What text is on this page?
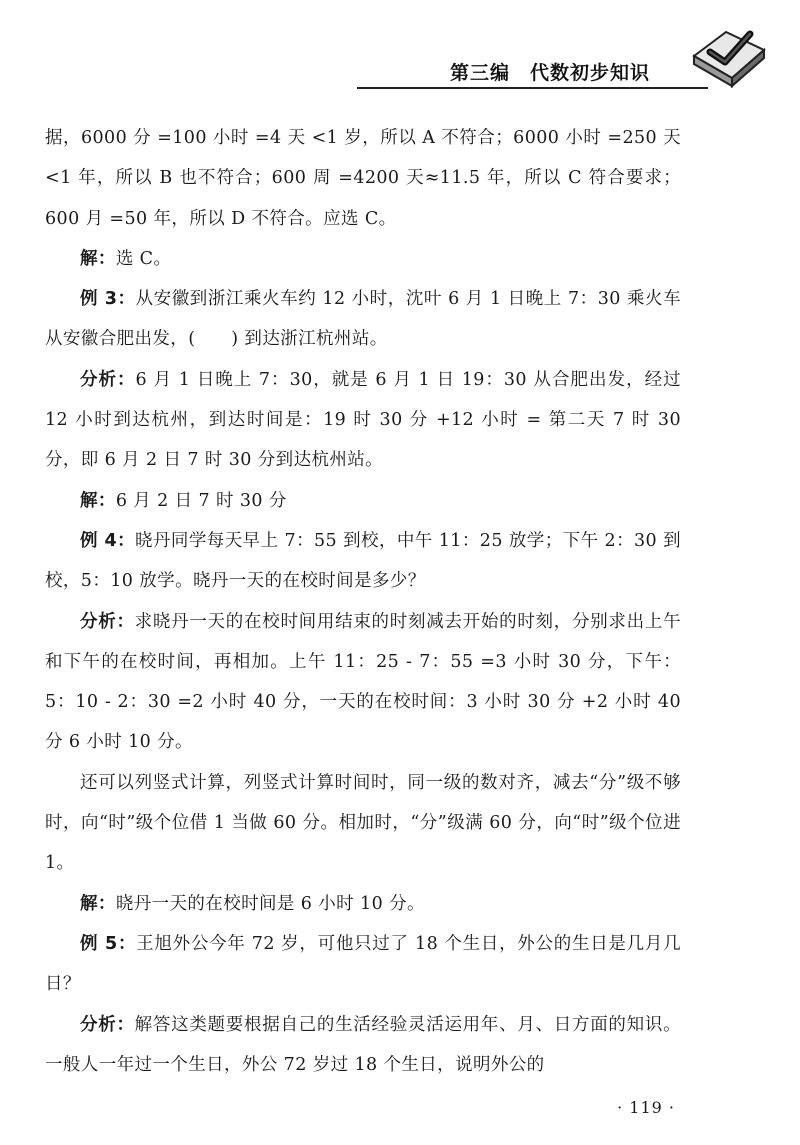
第三编　代数初步知识

据，6000 分 =100 小时 =4 天 <1 岁，所以 A 不符合；6000 小时 =250 天 <1 年，所以 B 也不符合；600 周 =4200 天≈11.5 年，所以 C 符合要求；600 月 =50 年，所以 D 不符合。应选 C。

解：选 C。

例 3：从安徽到浙江乘火车约 12 小时，沈叶 6 月 1 日晚上 7：30 乘火车从安徽合肥出发，(　　) 到达浙江杭州站。

分析：6 月 1 日晚上 7：30，就是 6 月 1 日 19：30 从合肥出发，经过 12 小时到达杭州，到达时间是：19 时 30 分 +12 小时 = 第二天 7 时 30 分，即 6 月 2 日 7 时 30 分到达杭州站。

解：6 月 2 日 7 时 30 分

例 4：晓丹同学每天早上 7：55 到校，中午 11：25 放学；下午 2：30 到校，5：10 放学。晓丹一天的在校时间是多少？

分析：求晓丹一天的在校时间用结束的时刻减去开始的时刻，分别求出上午和下午的在校时间，再相加。上午 11：25 - 7：55 =3 小时 30 分，下午：5：10 - 2：30 =2 小时 40 分，一天的在校时间：3 小时 30 分 +2 小时 40 分 6 小时 10 分。

还可以列竖式计算，列竖式计算时间时，同一级的数对齐，减去“分”级不够时，向“时”级个位借 1 当做 60 分。相加时，“分”级满 60 分，向“时”级个位进 1。

解：晓丹一天的在校时间是 6 小时 10 分。

例 5：王旭外公今年 72 岁，可他只过了 18 个生日，外公的生日是几月几日？

分析：解答这类题要根据自己的生活经验灵活运用年、月、日方面的知识。一般人一年过一个生日，外公 72 岁过 18 个生日，说明外公的

· 119 ·
